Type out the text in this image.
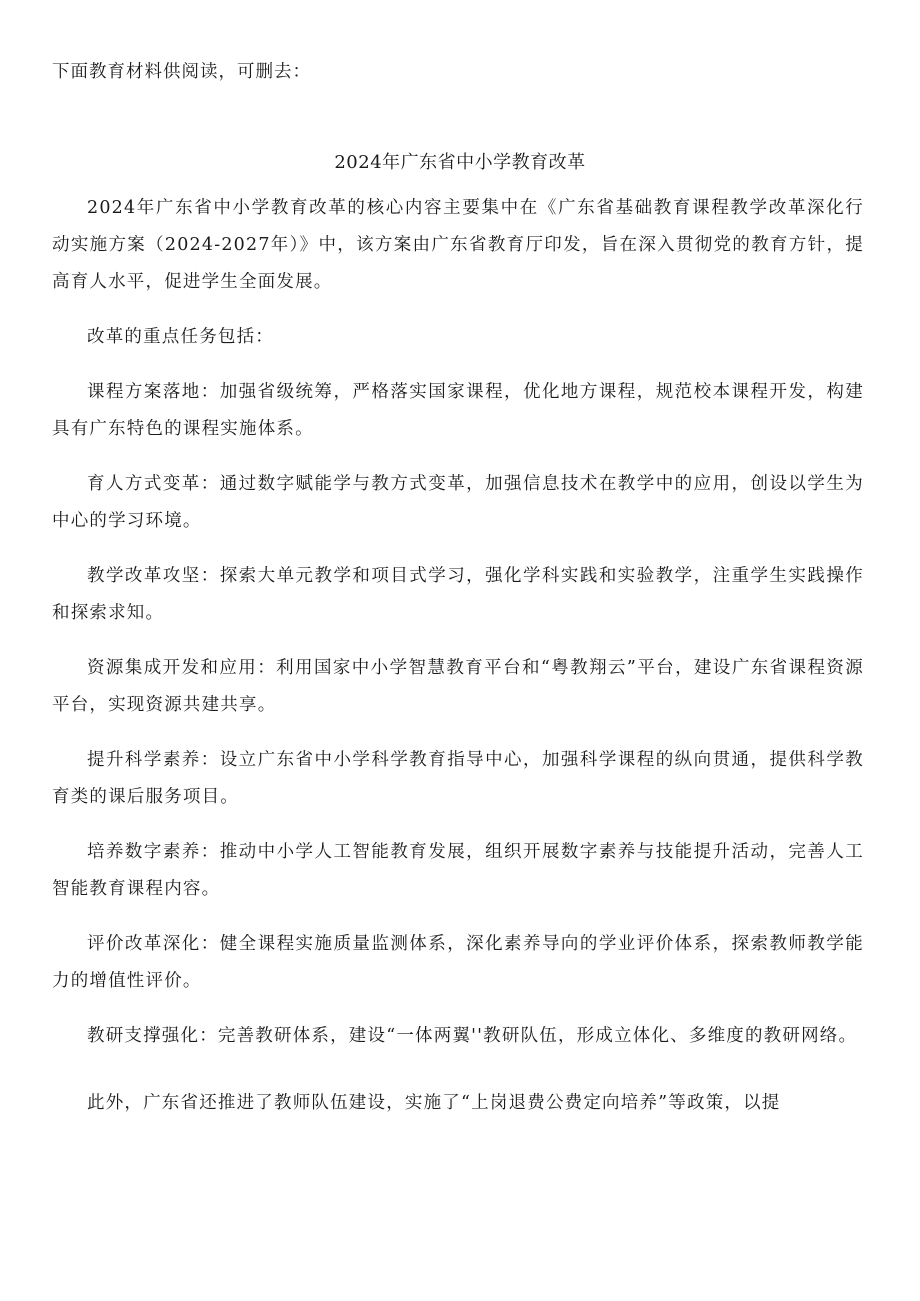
下面教育材料供阅读，可删去：
2024年广东省中小学教育改革

2024年广东省中小学教育改革的核心内容主要集中在《广东省基础教育课程教学改革深化行动实施方案（2024-2027年）》中，该方案由广东省教育厅印发，旨在深入贯彻党的教育方针，提高育人水平，促进学生全面发展。

改革的重点任务包括：

课程方案落地：加强省级统筹，严格落实国家课程，优化地方课程，规范校本课程开发，构建具有广东特色的课程实施体系。

育人方式变革：通过数字赋能学与教方式变革，加强信息技术在教学中的应用，创设以学生为中心的学习环境。

教学改革攻坚：探索大单元教学和项目式学习，强化学科实践和实验教学，注重学生实践操作和探索求知。

资源集成开发和应用：利用国家中小学智慧教育平台和“粤教翔云”平台，建设广东省课程资源平台，实现资源共建共享。

提升科学素养：设立广东省中小学科学教育指导中心，加强科学课程的纵向贯通，提供科学教育类的课后服务项目。

培养数字素养：推动中小学人工智能教育发展，组织开展数字素养与技能提升活动，完善人工智能教育课程内容。

评价改革深化：健全课程实施质量监测体系，深化素养导向的学业评价体系，探索教师教学能力的增值性评价。

教研支撑强化：完善教研体系，建设“一体两翼''教研队伍，形成立体化、多维度的教研网络。

此外，广东省还推进了教师队伍建设，实施了“上岗退费公费定向培养”等政策，以提
